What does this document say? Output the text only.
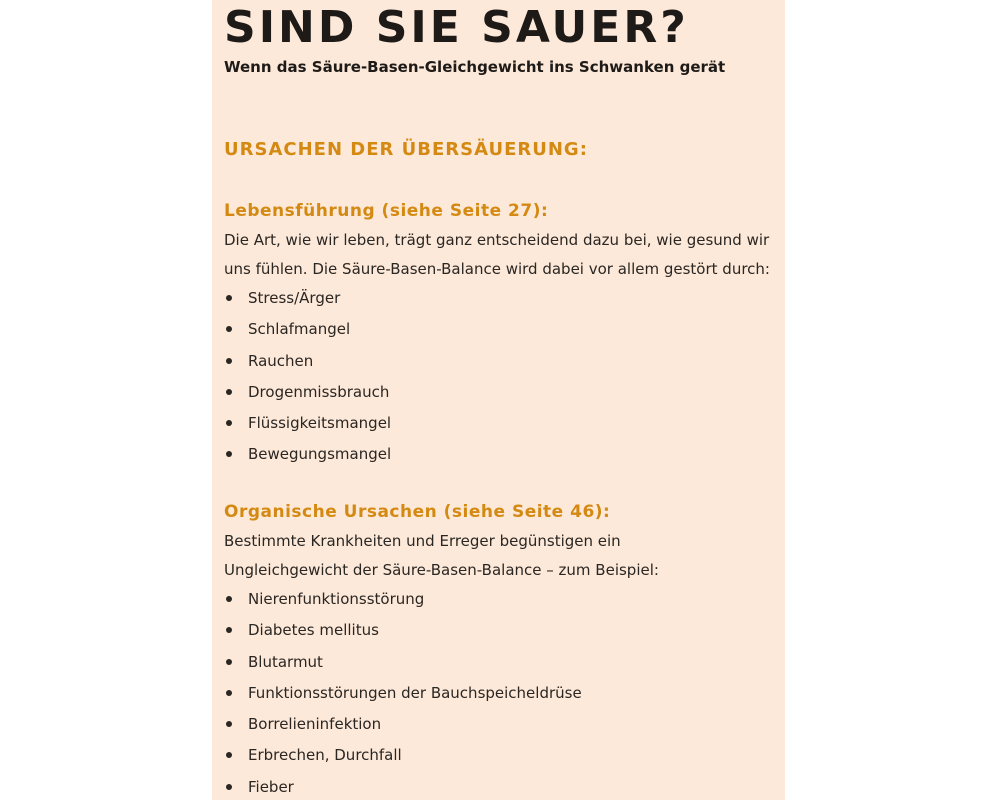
SIND SIE SAUER?

Wenn das Säure-Basen-Gleichgewicht ins Schwanken gerät

URSACHEN DER ÜBERSÄUERUNG:
Lebensführung (siehe Seite 27):

Die Art, wie wir leben, trägt ganz entscheidend dazu bei, wie gesund wir
uns fühlen. Die Säure-Basen-Balance wird dabei vor allem gestört durch:

Stress/Ärger
Schlafmangel
Rauchen
Drogenmissbrauch
Flüssigkeitsmangel
Bewegungsmangel
Organische Ursachen (siehe Seite 46):

Bestimmte Krankheiten und Erreger begünstigen ein
Ungleichgewicht der Säure-Basen-Balance – zum Beispiel:

Nierenfunktionsstörung
Diabetes mellitus
Blutarmut
Funktionsstörungen der Bauchspeicheldrüse
Borrelieninfektion
Erbrechen, Durchfall
Fieber
